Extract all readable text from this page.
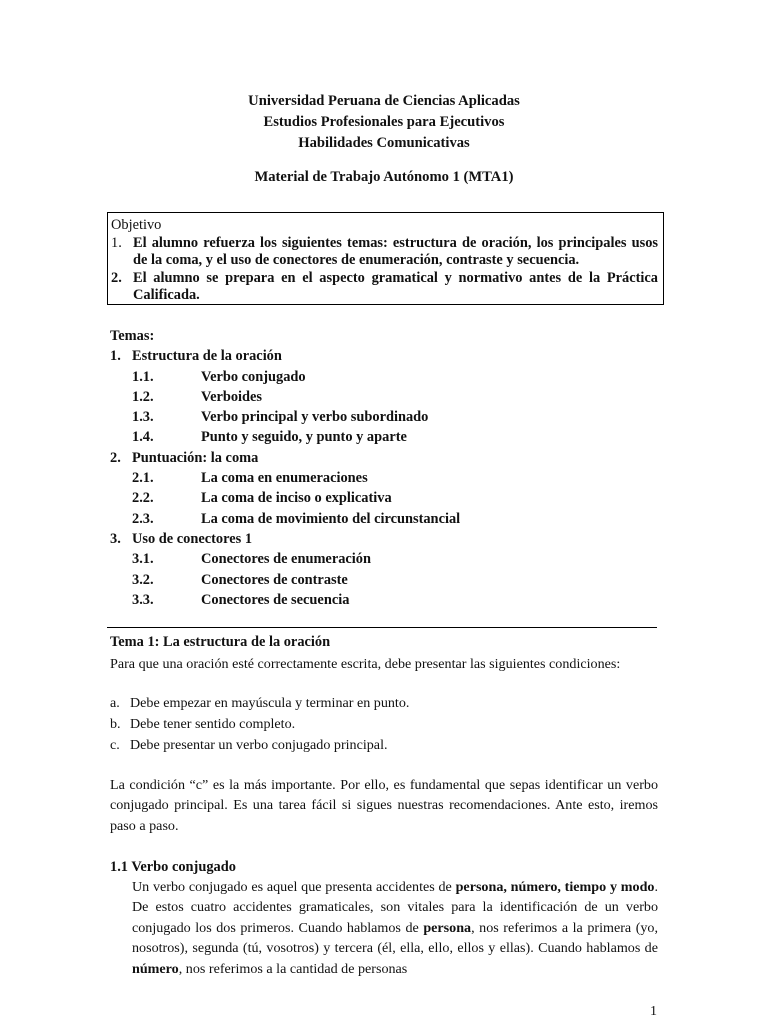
Universidad Peruana de Ciencias Aplicadas
Estudios Profesionales para Ejecutivos
Habilidades Comunicativas
Material de Trabajo Autónomo 1 (MTA1)
Objetivo
1. El alumno refuerza los siguientes temas: estructura de oración, los principales usos de la coma, y el uso de conectores de enumeración, contraste y secuencia.
2. El alumno se prepara en el aspecto gramatical y normativo antes de la Práctica Calificada.
Temas:
1. Estructura de la oración
1.1.	Verbo conjugado
1.2.	Verboides
1.3.	Verbo principal y verbo subordinado
1.4.	Punto y seguido, y punto y aparte
2. Puntuación: la coma
2.1.	La coma en enumeraciones
2.2.	La coma de inciso o explicativa
2.3.	La coma de movimiento del circunstancial
3. Uso de conectores 1
3.1.	Conectores de enumeración
3.2.	Conectores de contraste
3.3.	Conectores de secuencia
Tema 1: La estructura de la oración
Para que una oración esté correctamente escrita, debe presentar las siguientes condiciones:
a. Debe empezar en mayúscula y terminar en punto.
b. Debe tener sentido completo.
c. Debe presentar un verbo conjugado principal.
La condición “c” es la más importante. Por ello, es fundamental que sepas identificar un verbo conjugado principal. Es una tarea fácil si sigues nuestras recomendaciones. Ante esto, iremos paso a paso.
1.1 Verbo conjugado
Un verbo conjugado es aquel que presenta accidentes de persona, número, tiempo y modo. De estos cuatro accidentes gramaticales, son vitales para la identificación de un verbo conjugado los dos primeros. Cuando hablamos de persona, nos referimos a la primera (yo, nosotros), segunda (tú, vosotros) y tercera (él, ella, ello, ellos y ellas). Cuando hablamos de número, nos referimos a la cantidad de personas
1
